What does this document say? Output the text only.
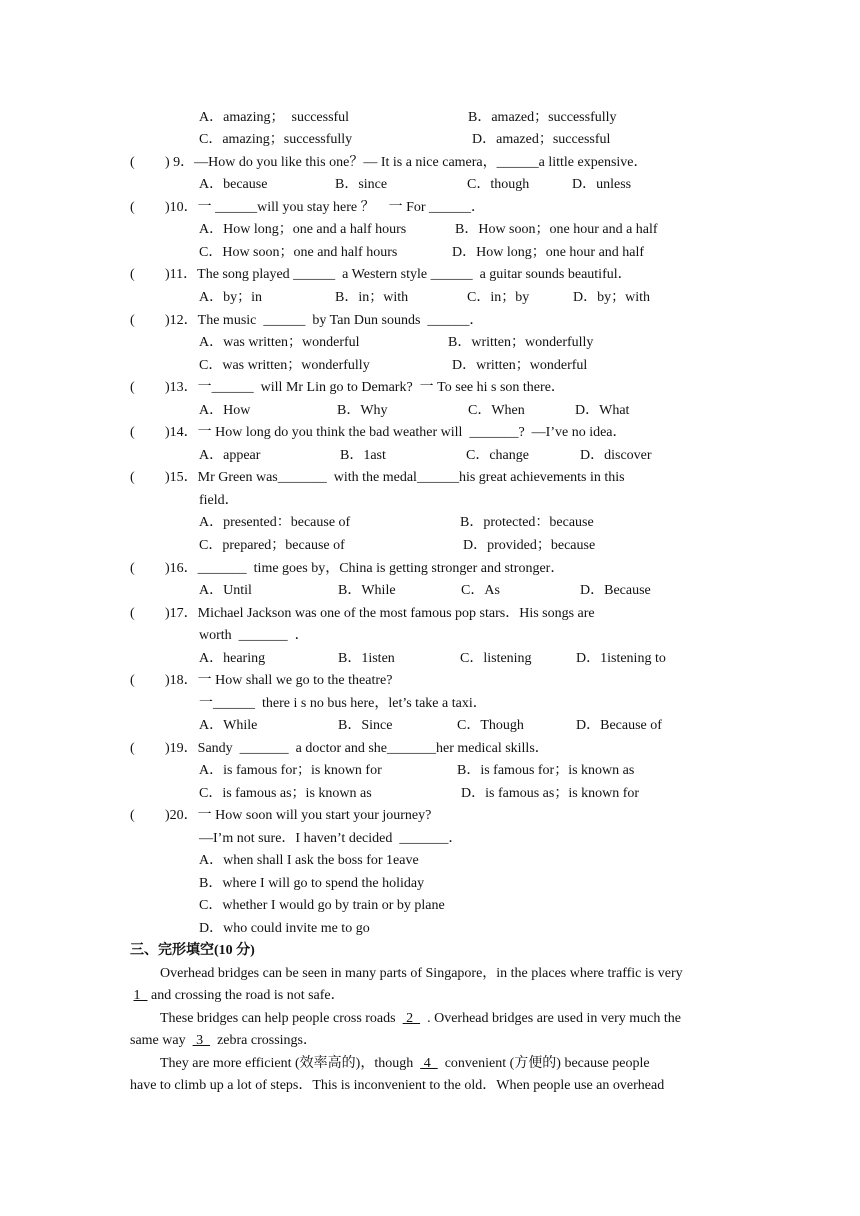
A．amazing；  successful	B．amazed；successfully
C．amazing；successfully	D．amazed；successful
( ) 9．—How do you like this one？— It is a nice camera，______a little expensive．
A．because	B．since	C．though	D．unless
( )10．一 ______will you stay here ？    一 For ______．
A．How long；one and a half hours	B．How soon；one hour and a half
C．How soon；one and half hours	D．How long；one hour and half
( )11．The song played ______  a Western style ______  a guitar sounds beautiful．
A．by；in	B．in；with	C．in；by	D．by；with
( )12．The music  ______  by Tan Dun sounds  ______．
A．was written；wonderful	B．written；wonderfully
C．was written；wonderfully	D．written；wonderful
( )13．一______  will Mr Lin go to Demark?  一 To see hi s son there．
A．How	B．Why	C．When	D．What
( )14．一 How long do you think the bad weather will  _______?  —I’ve no idea．
A．appear	B．1ast	C．change	D．discover
( )15．Mr Green was_______  with the medal______his great achievements in this
field．
A．presented：because of	B．protected：because
C．prepared；because of	D．provided；because
( )16．_______  time goes by，China is getting stronger and stronger．
A．Until	B．While	C．As	D．Because
( )17．Michael Jackson was one of the most famous pop stars．His songs are
worth  _______  ．
A．hearing	B．1isten	C．listening	D．1istening to
( )18．一 How shall we go to the theatre?
一______  there i s no bus here，let’s take a taxi．
A．While	B．Since	C．Though	D．Because of
( )19．Sandy  _______  a doctor and she_______her medical skills．
A．is famous for；is known for	B．is famous for；is known as
C．is famous as；is known as	D．is famous as；is known for
( )20．一 How soon will you start your journey?
—I’m not sure．I haven’t decided  _______．
A．when shall I ask the boss for 1eave
B．where I will go to spend the holiday
C．whether I would go by train or by plane
D．who could invite me to go
三、完形填空(10 分)
Overhead bridges can be seen in many parts of Singapore，in the places where traffic is very
1   and crossing the road is not safe．
These bridges can help people cross roads   2    . Overhead bridges are used in very much the
same way   3    zebra crossings．
They are more efficient (效率高的)，though   4    convenient (方便的) because people
have to climb up a lot of steps．This is inconvenient to the old．When people use an overhead
